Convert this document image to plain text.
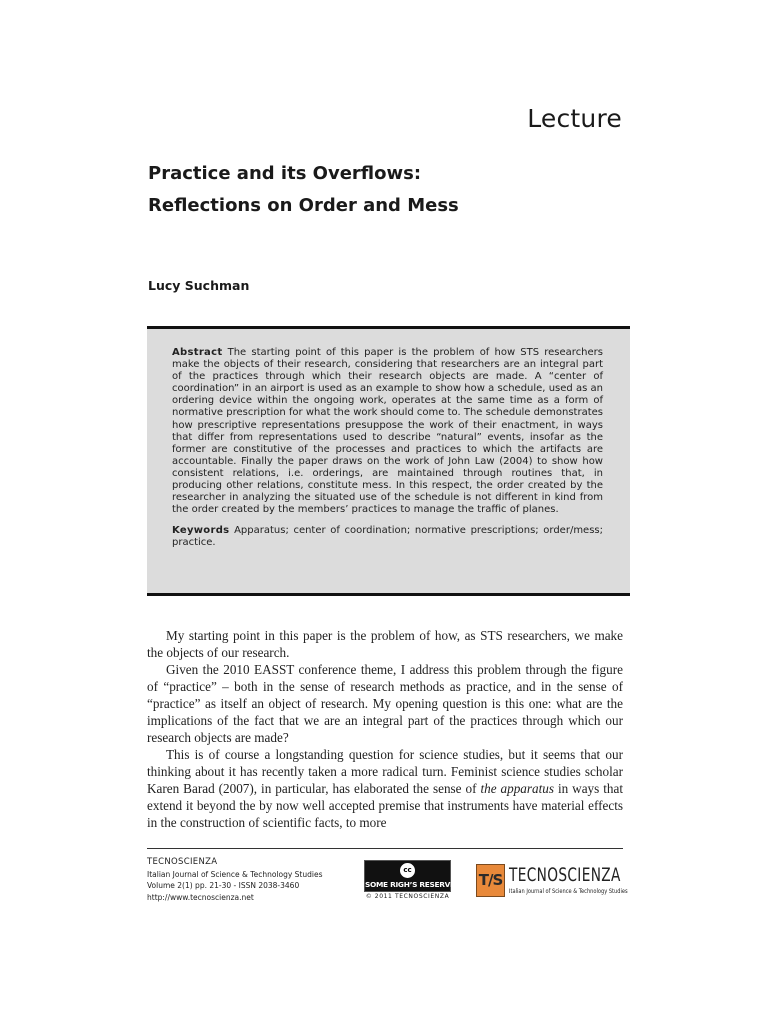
Lecture
Practice and its Overflows:
Reflections on Order and Mess
Lucy Suchman

Abstract The starting point of this paper is the problem of how STS researchers make the objects of their research, considering that researchers are an integral part of the practices through which their research objects are made. A “center of coordination” in an airport is used as an example to show how a schedule, used as an ordering device within the ongoing work, operates at the same time as a form of normative prescription for what the work should come to. The schedule demonstrates how prescriptive representations presuppose the work of their enactment, in ways that differ from representations used to describe “natural” events, insofar as the former are constitutive of the processes and practices to which the artifacts are accountable. Finally the paper draws on the work of John Law (2004) to show how consistent relations, i.e. orderings, are maintained through routines that, in producing other relations, constitute mess. In this respect, the order created by the researcher in analyzing the situated use of the schedule is not different in kind from the order created by the members’ practices to manage the traffic of planes.

Keywords Apparatus; center of coordination; normative prescriptions; order/mess; practice.

My starting point in this paper is the problem of how, as STS researchers, we make the objects of our research.

Given the 2010 EASST conference theme, I address this problem through the figure of “practice” – both in the sense of research methods as practice, and in the sense of “practice” as itself an object of research. My opening question is this one: what are the implications of the fact that we are an integral part of the practices through which our research objects are made?

This is of course a longstanding question for science studies, but it seems that our thinking about it has recently taken a more radical turn. Feminist science studies scholar Karen Barad (2007), in particular, has elaborated the sense of the apparatus in ways that extend it beyond the by now well accepted premise that instruments have material effects in the construction of scientific facts, to more

TECNOSCIENZA
Italian Journal of Science & Technology Studies
Volume 2(1) pp. 21-30 - ISSN 2038-3460
http://www.tecnoscienza.net
cc
SOME RIGH’S RESERVED
© 2011 TECNOSCIENZA
T/S TECNOSCIENZA
Italian Journal of Science & Technology Studies
